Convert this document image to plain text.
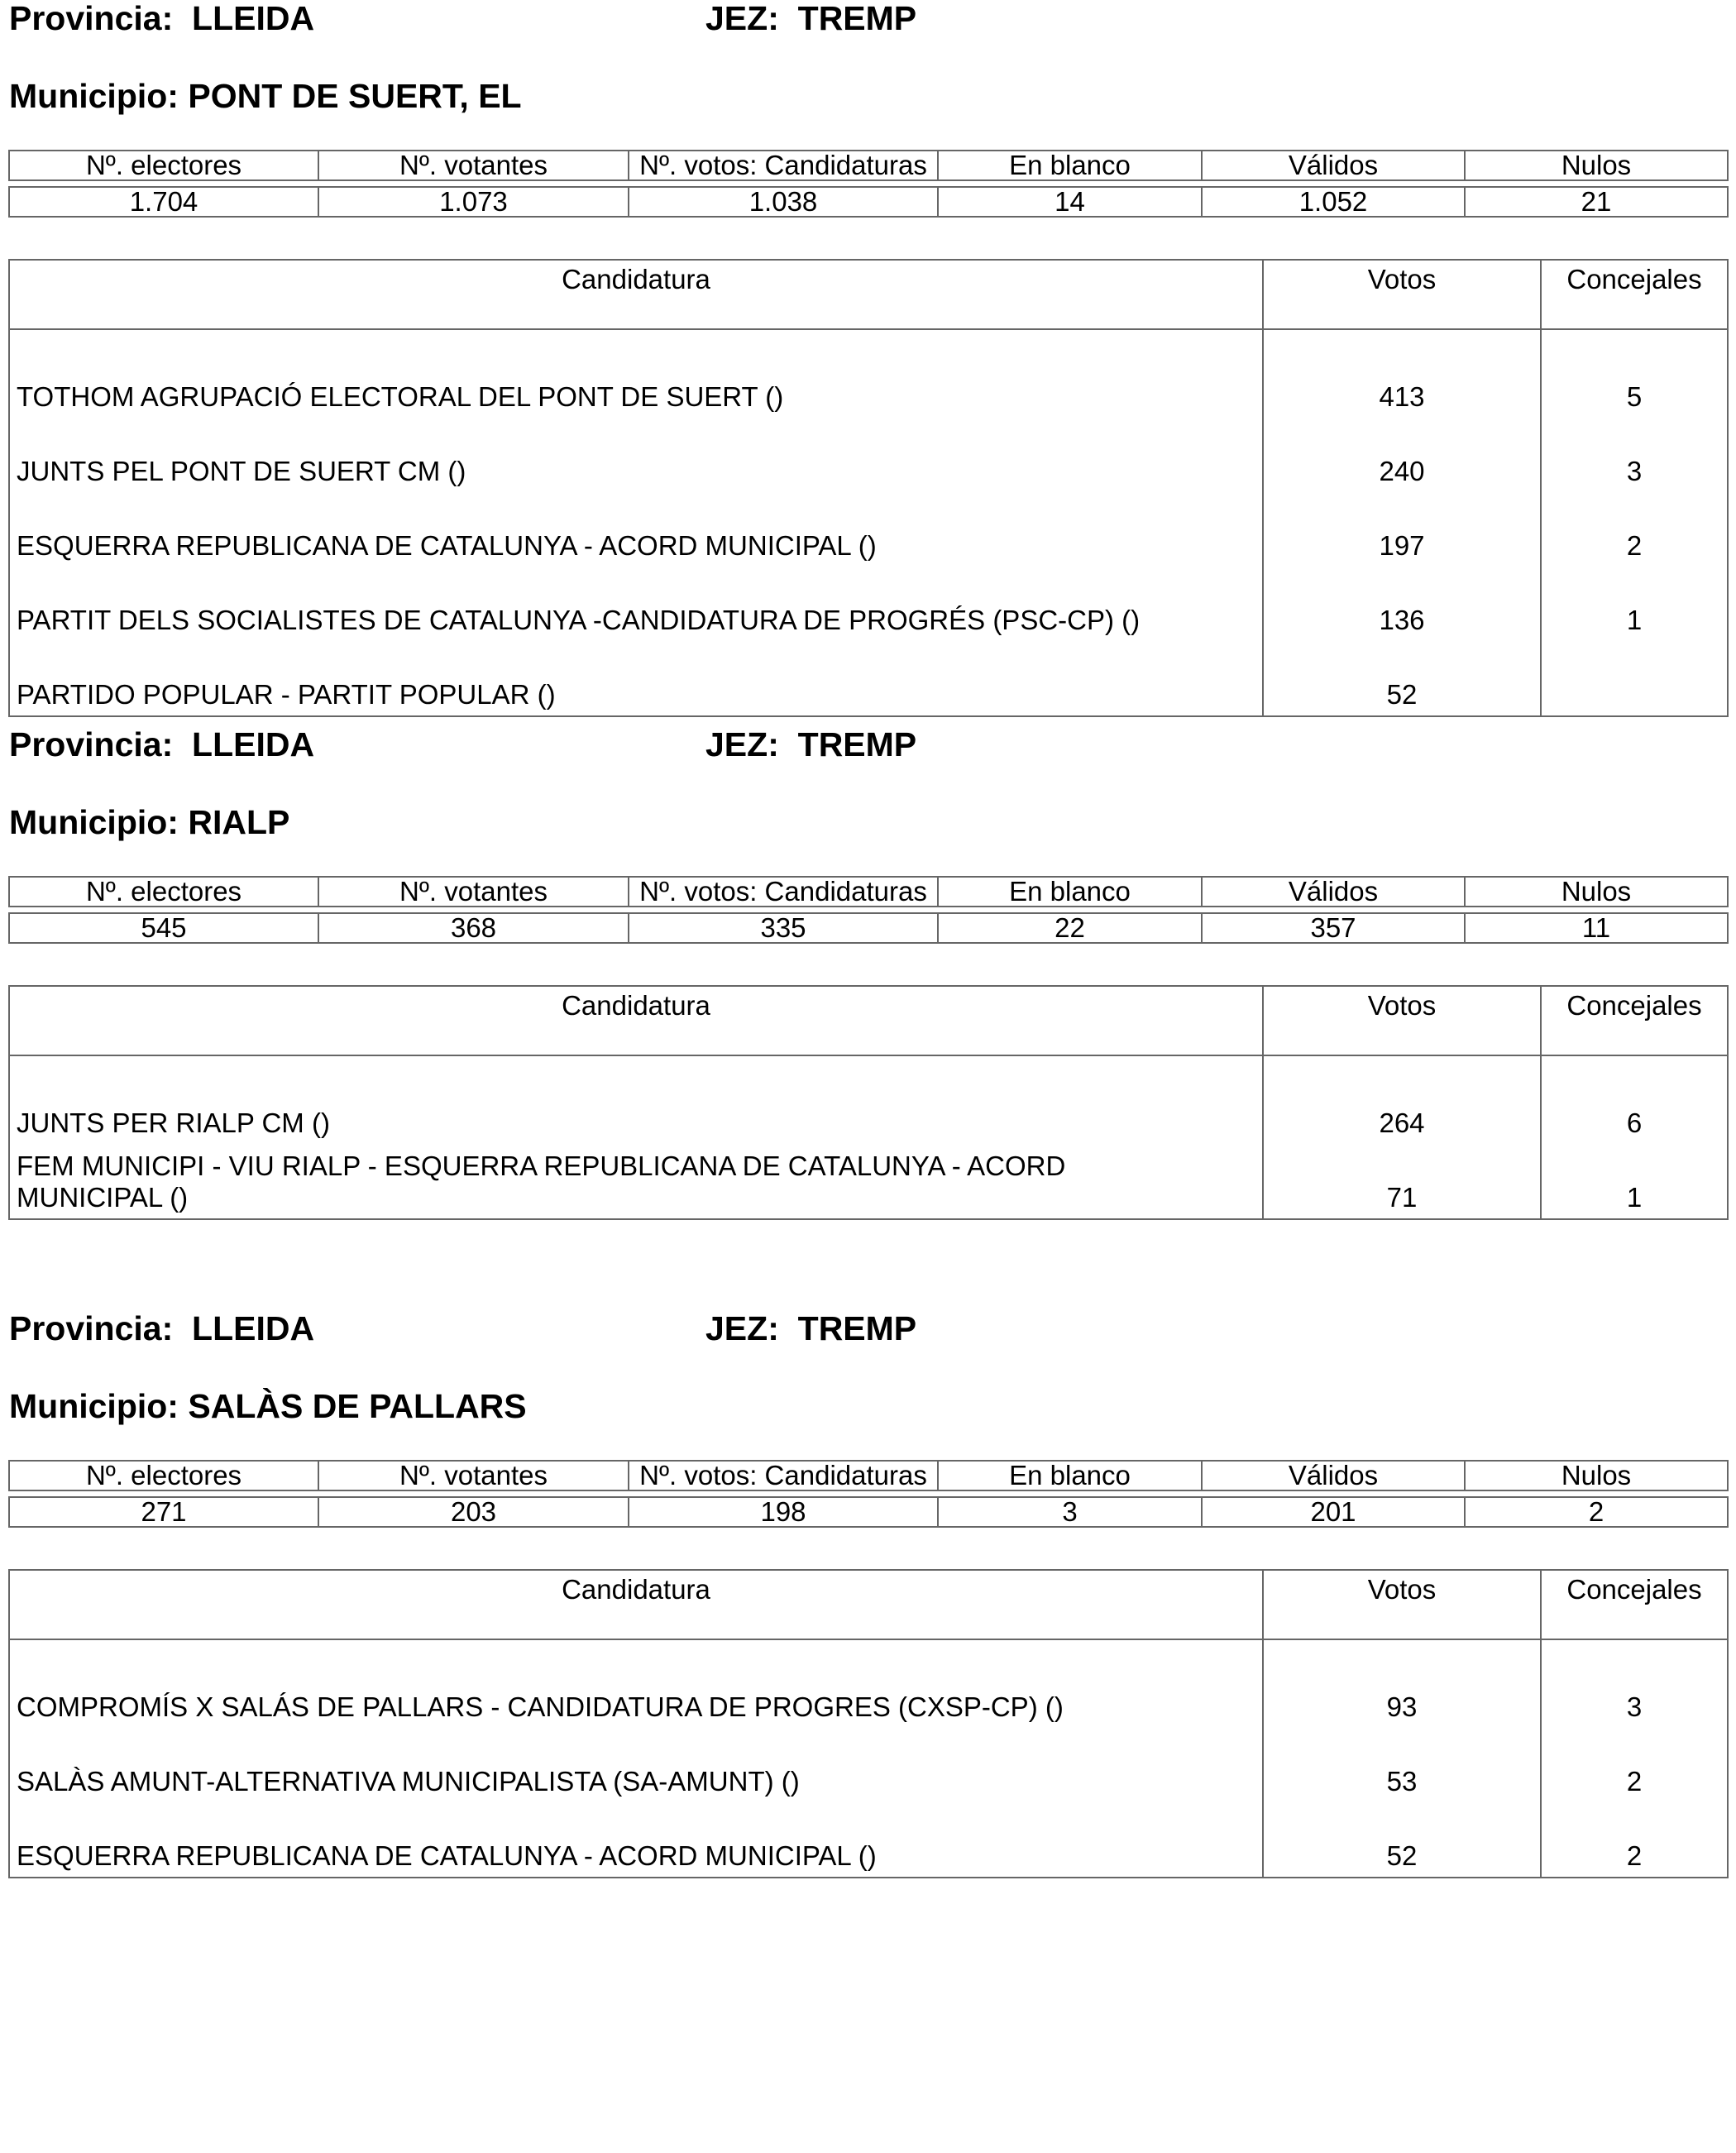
Provincia: LLEIDA	JEZ: TREMP
Municipio: PONT DE SUERT, EL
Nº. electores	Nº. votantes	Nº. votos: Candidaturas	En blanco	Válidos	Nulos
1.704	1.073	1.038	14	1.052	21
Candidatura	Votos	Concejales
TOTHOM AGRUPACIÓ ELECTORAL DEL PONT DE SUERT ()	413	5
JUNTS PEL PONT DE SUERT CM ()	240	3
ESQUERRA REPUBLICANA DE CATALUNYA - ACORD MUNICIPAL ()	197	2
PARTIT DELS SOCIALISTES DE CATALUNYA -CANDIDATURA DE PROGRÉS (PSC-CP) ()	136	1
PARTIDO POPULAR - PARTIT POPULAR ()	52	
Provincia: LLEIDA	JEZ: TREMP
Municipio: RIALP
Nº. electores	Nº. votantes	Nº. votos: Candidaturas	En blanco	Válidos	Nulos
545	368	335	22	357	11
Candidatura	Votos	Concejales
JUNTS PER RIALP CM ()	264	6
FEM MUNICIPI - VIU RIALP - ESQUERRA REPUBLICANA DE CATALUNYA - ACORD MUNICIPAL ()	71	1
Provincia: LLEIDA	JEZ: TREMP
Municipio: SALÀS DE PALLARS
Nº. electores	Nº. votantes	Nº. votos: Candidaturas	En blanco	Válidos	Nulos
271	203	198	3	201	2
Candidatura	Votos	Concejales
COMPROMÍS X SALÁS DE PALLARS - CANDIDATURA DE PROGRES (CXSP-CP) ()	93	3
SALÀS AMUNT-ALTERNATIVA MUNICIPALISTA (SA-AMUNT) ()	53	2
ESQUERRA REPUBLICANA DE CATALUNYA - ACORD MUNICIPAL ()	52	2
